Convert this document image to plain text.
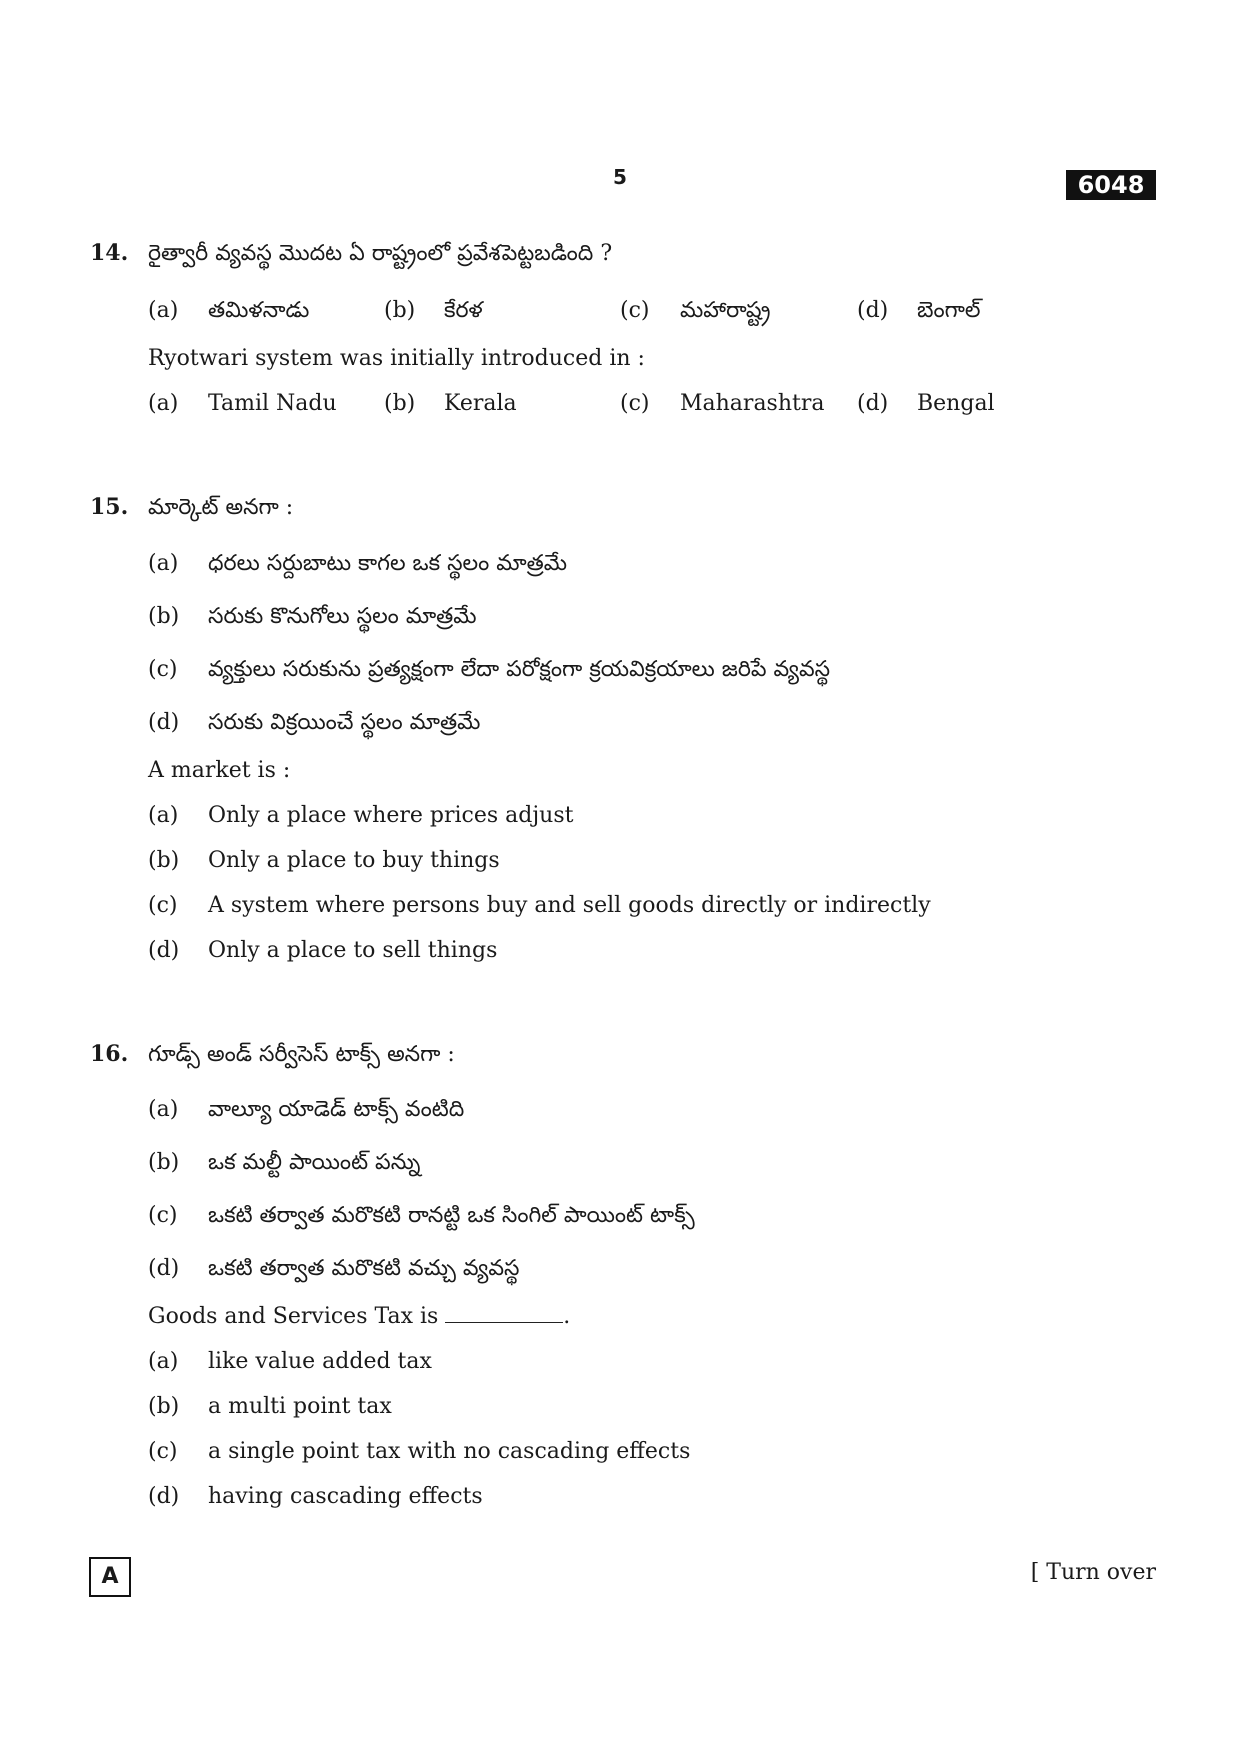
5	6048
14. రైత్వారీ వ్యవస్థ మొదట ఏ రాష్ట్రంలో ప్రవేశపెట్టబడింది ?
(a) తమిళనాడు	(b) కేరళ	(c) మహారాష్ట్ర	(d) బెంగాల్
Ryotwari system was initially introduced in :
(a) Tamil Nadu (b) Kerala	(c) Maharashtra (d) Bengal
15. మార్కెట్ అనగా :
(a) ధరలు సర్దుబాటు కాగల ఒక స్థలం మాత్రమే
(b) సరుకు కొనుగోలు స్థలం మాత్రమే
(c) వ్యక్తులు సరుకును ప్రత్యక్షంగా లేదా పరోక్షంగా క్రయవిక్రయాలు జరిపే వ్యవస్థ
(d) సరుకు విక్రయించే స్థలం మాత్రమే
A market is :
(a) Only a place where prices adjust
(b) Only a place to buy things
(c) A system where persons buy and sell goods directly or indirectly
(d) Only a place to sell things
16. గూడ్స్ అండ్ సర్వీసెస్ టాక్స్ అనగా :
(a) వాల్యూ యాడెడ్ టాక్స్ వంటిది
(b) ఒక మల్టీ పాయింట్ పన్ను
(c) ఒకటి తర్వాత మరొకటి రానట్టి ఒక సింగిల్ పాయింట్ టాక్స్
(d) ఒకటి తర్వాత మరొకటి వచ్చు వ్యవస్థ
Goods and Services Tax is	.
(a) like value added tax
(b) a multi point tax
(c) a single point tax with no cascading effects
(d) having cascading effects
A	[ Turn over
